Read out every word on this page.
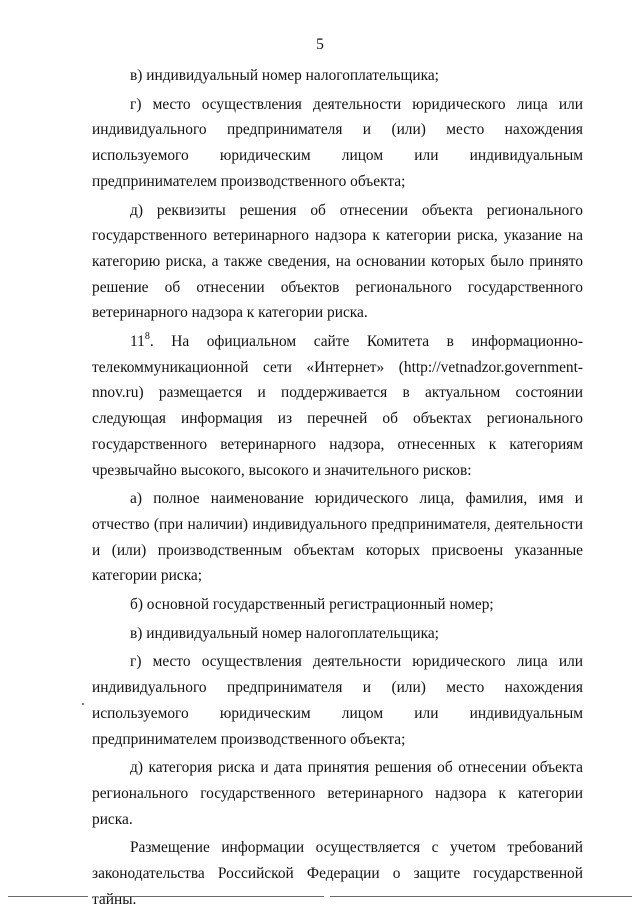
5

в) индивидуальный номер налогоплательщика;

г) место осуществления деятельности юридического лица или индивидуального предпринимателя и (или) место нахождения используемого юридическим лицом или индивидуальным предпринимателем производственного объекта;

д) реквизиты решения об отнесении объекта регионального государственного ветеринарного надзора к категории риска, указание на категорию риска, а также сведения, на основании которых было принято решение об отнесении объектов регионального государственного ветеринарного надзора к категории риска.

$11^8$. На официальном сайте Комитета в информационно-телекоммуникационной сети «Интернет» (http://vetnadzor.government-nnov.ru) размещается и поддерживается в актуальном состоянии следующая информация из перечней об объектах регионального государственного ветеринарного надзора, отнесенных к категориям чрезвычайно высокого, высокого и значительного рисков:

а) полное наименование юридического лица, фамилия, имя и отчество (при наличии) индивидуального предпринимателя, деятельности и (или) производственным объектам которых присвоены указанные категории риска;

б) основной государственный регистрационный номер;

в) индивидуальный номер налогоплательщика;

г) место осуществления деятельности юридического лица или индивидуального предпринимателя и (или) место нахождения используемого юридическим лицом или индивидуальным предпринимателем производственного объекта;

д) категория риска и дата принятия решения об отнесении объекта регионального государственного ветеринарного надзора к категории риска.

Размещение информации осуществляется с учетом требований законодательства Российской Федерации о защите государственной тайны.
